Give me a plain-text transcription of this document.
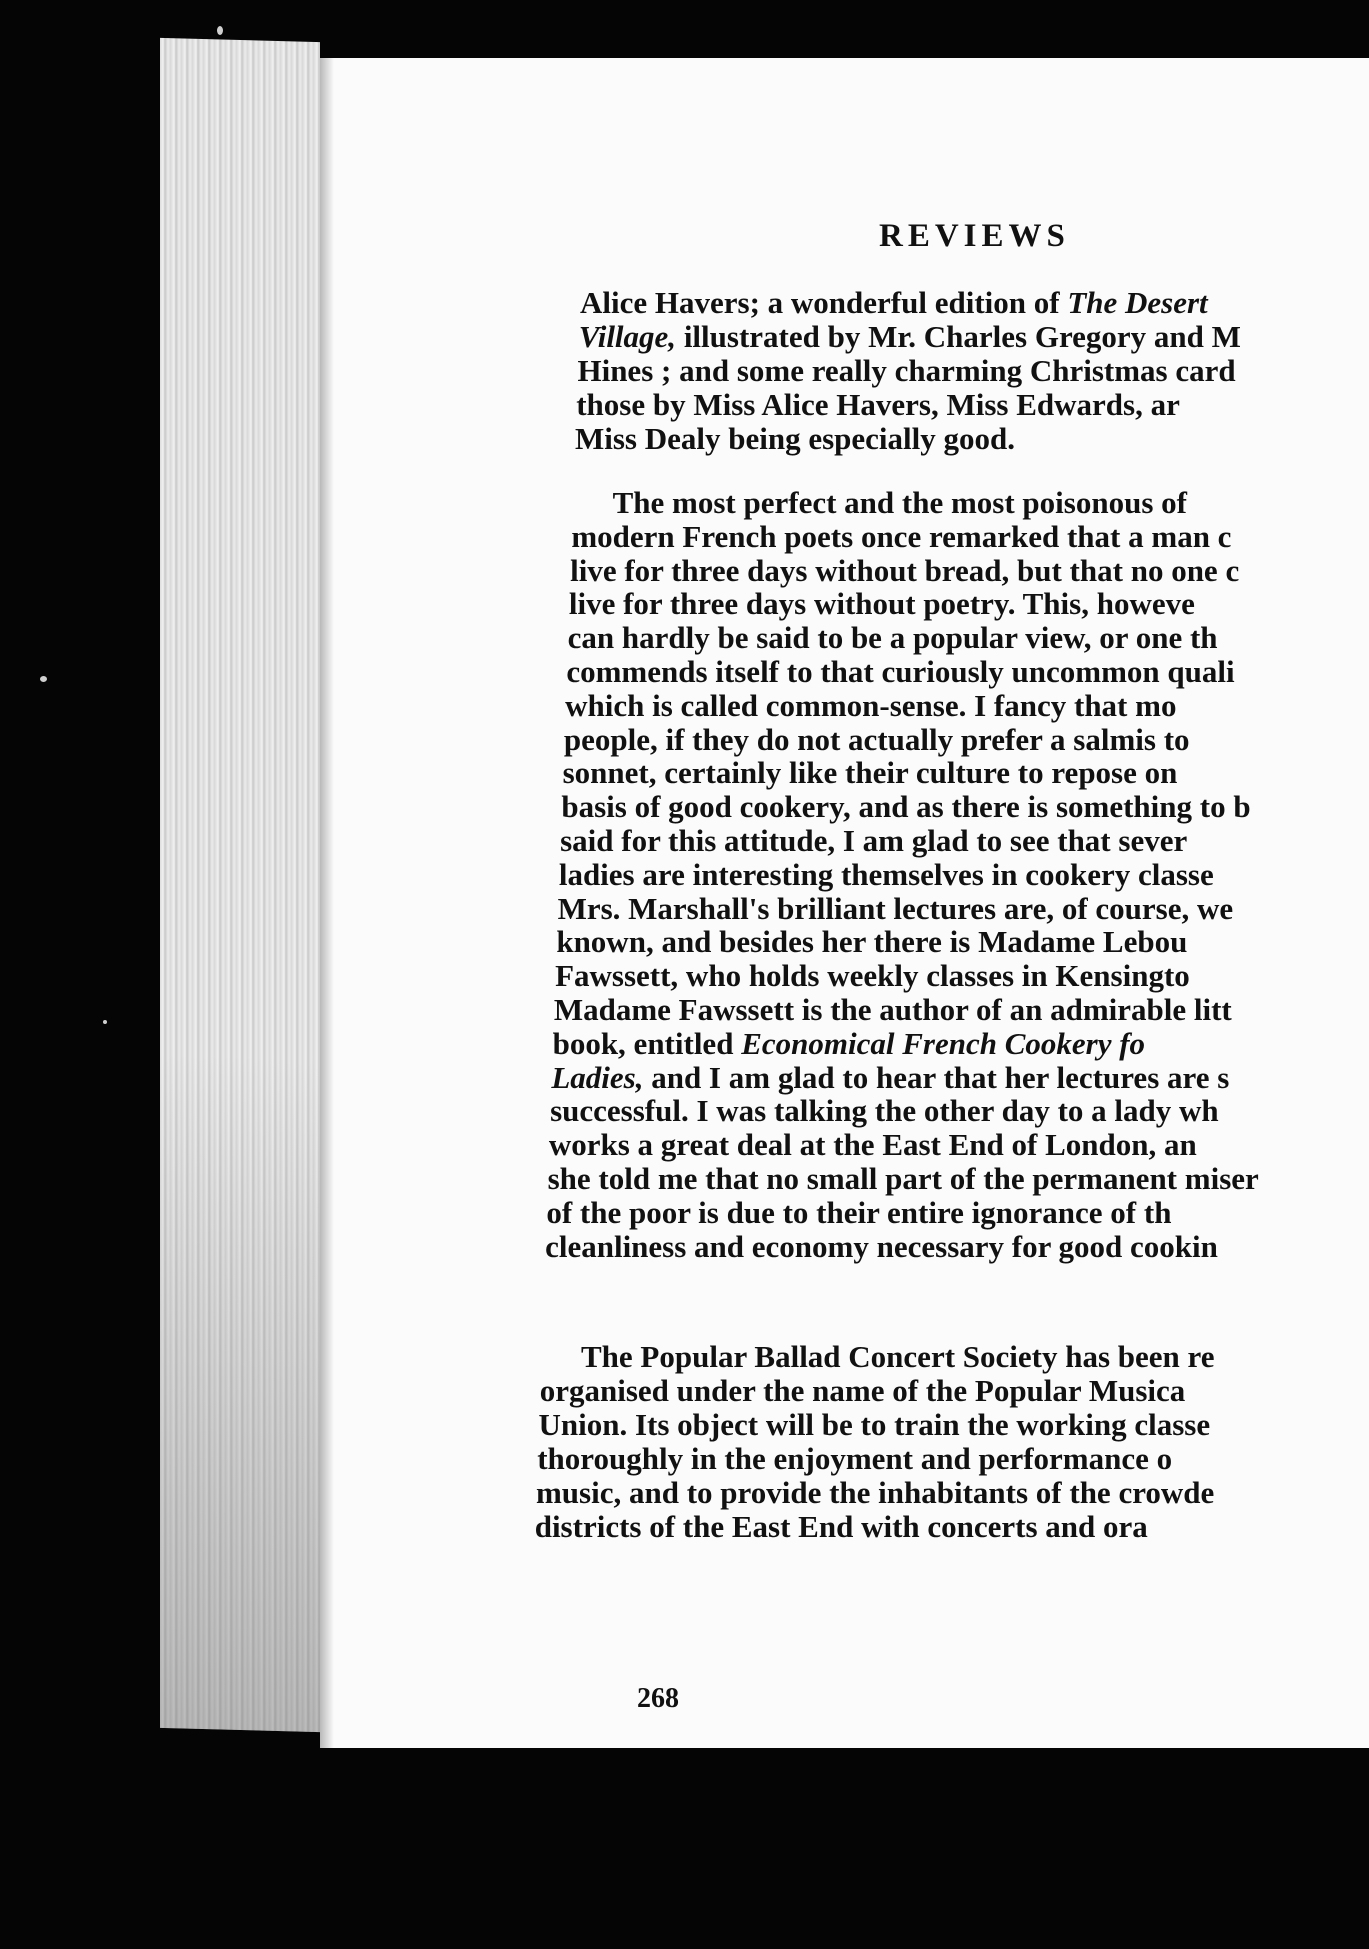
REVIEWS
Alice Havers; a wonderful edition of The Desert
Village, illustrated by Mr. Charles Gregory and M
Hines ; and some really charming Christmas card
those by Miss Alice Havers, Miss Edwards, ar
Miss Dealy being especially good.
The most perfect and the most poisonous of
modern French poets once remarked that a man c
live for three days without bread, but that no one c
live for three days without poetry. This, howeve
can hardly be said to be a popular view, or one th
commends itself to that curiously uncommon quali
which is called common-sense. I fancy that mo
people, if they do not actually prefer a salmis to
sonnet, certainly like their culture to repose on
basis of good cookery, and as there is something to b
said for this attitude, I am glad to see that sever
ladies are interesting themselves in cookery classe
Mrs. Marshall's brilliant lectures are, of course, we
known, and besides her there is Madame Lebou
Fawssett, who holds weekly classes in Kensingto
Madame Fawssett is the author of an admirable litt
book, entitled Economical French Cookery fo
Ladies, and I am glad to hear that her lectures are s
successful. I was talking the other day to a lady wh
works a great deal at the East End of London, an
she told me that no small part of the permanent miser
of the poor is due to their entire ignorance of th
cleanliness and economy necessary for good cookin
The Popular Ballad Concert Society has been re
organised under the name of the Popular Musica
Union. Its object will be to train the working classe
thoroughly in the enjoyment and performance o
music, and to provide the inhabitants of the crowde
districts of the East End with concerts and ora
268
